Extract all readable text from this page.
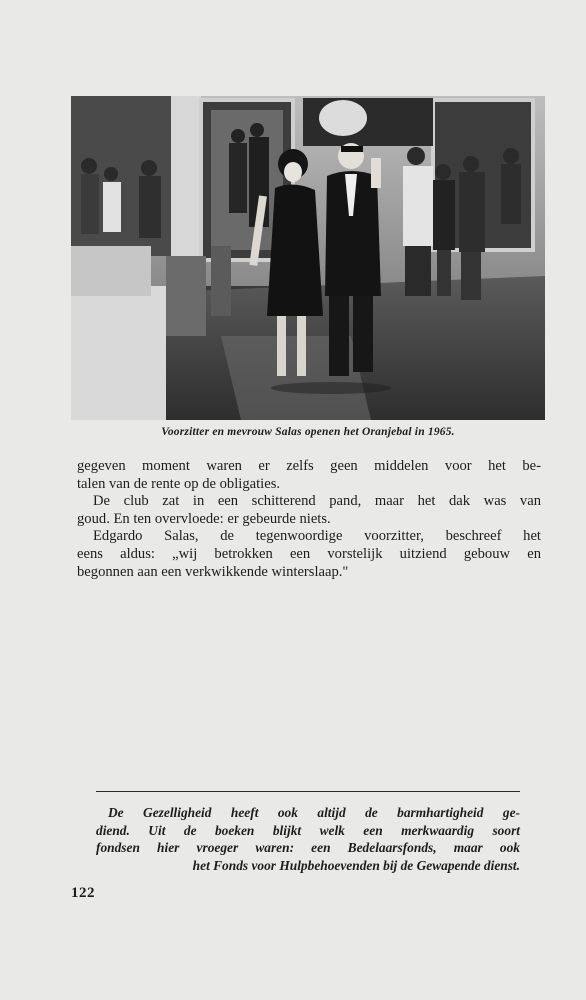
Voorzitter en mevrouw Salas openen het Oranjebal in 1965.
gegeven moment waren er zelfs geen middelen voor het be-
talen van de rente op de obligaties.
De club zat in een schitterend pand, maar het dak was van
goud. En ten overvloede: er gebeurde niets.
Edgardo Salas, de tegenwoordige voorzitter, beschreef het
eens aldus: „wij betrokken een vorstelijk uitziend gebouw en
begonnen aan een verkwikkende winterslaap."
De Gezelligheid heeft ook altijd de barmhartigheid ge-
diend. Uit de boeken blijkt welk een merkwaardig soort
fondsen hier vroeger waren: een Bedelaarsfonds, maar ook
het Fonds voor Hulpbehoevenden bij de Gewapende dienst.
122
